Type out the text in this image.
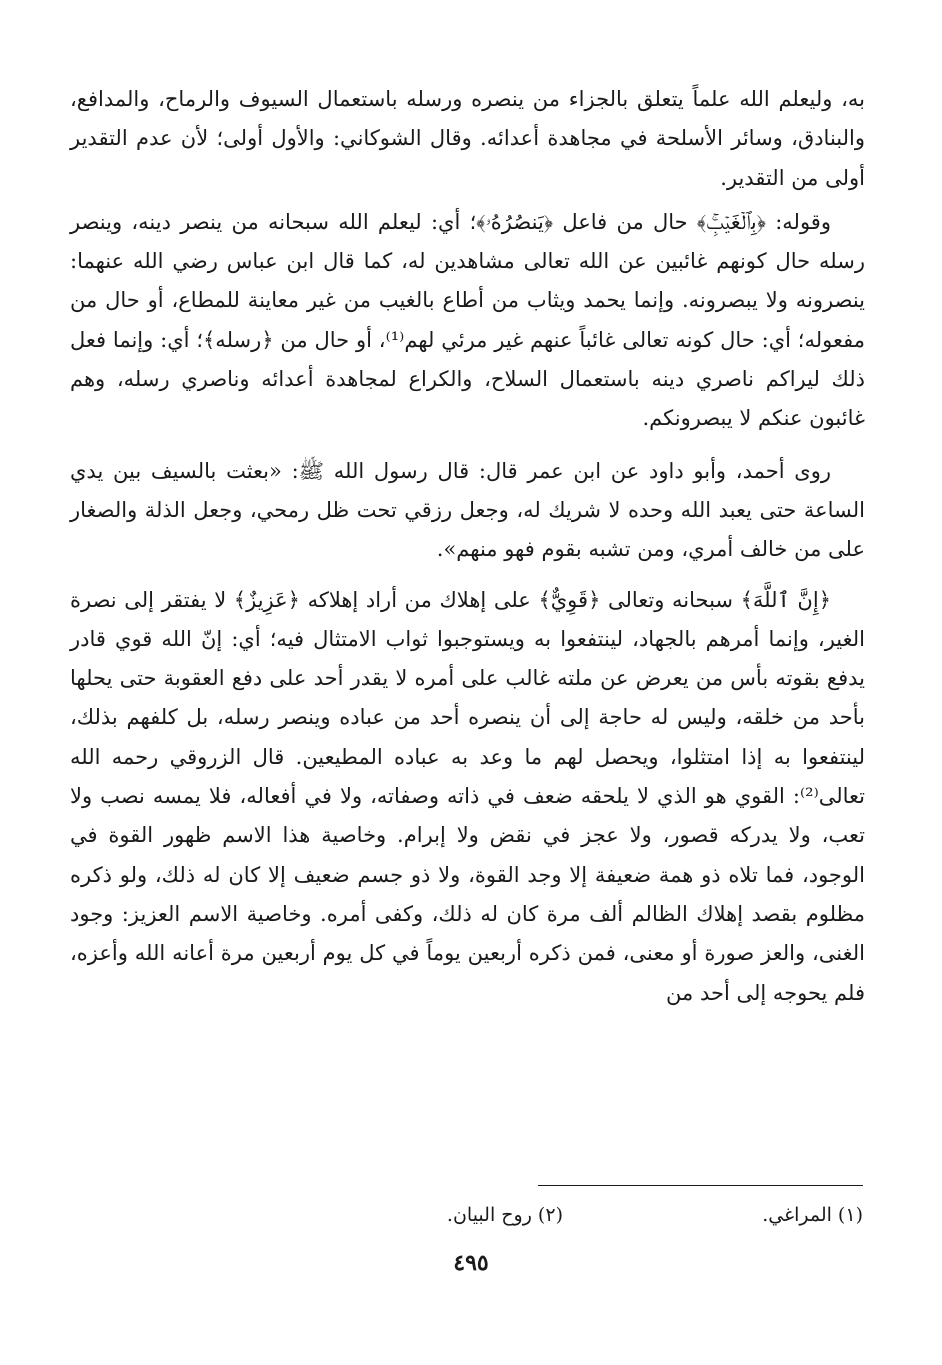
به، وليعلم الله علماً يتعلق بالجزاء من ينصره ورسله باستعمال السيوف والرماح، والمدافع، والبنادق، وسائر الأسلحة في مجاهدة أعدائه. وقال الشوكاني: والأول أولى؛ لأن عدم التقدير أولى من التقدير.

وقوله: ﴿بِٱلۡغَيۡبِۚ﴾ حال من فاعل ﴿يَنصُرُهُۥ﴾؛ أي: ليعلم الله سبحانه من ينصر دينه، وينصر رسله حال كونهم غائبين عن الله تعالى مشاهدين له، كما قال ابن عباس رضي الله عنهما: ينصرونه ولا يبصرونه. وإنما يحمد ويثاب من أطاع بالغيب من غير معاينة للمطاع، أو حال من مفعوله؛ أي: حال كونه تعالى غائباً عنهم غير مرئي لهم⁽¹⁾، أو حال من ﴿رسله﴾؛ أي: وإنما فعل ذلك ليراكم ناصري دينه باستعمال السلاح، والكراع لمجاهدة أعدائه وناصري رسله، وهم غائبون عنكم لا يبصرونكم.

روى أحمد، وأبو داود عن ابن عمر قال: قال رسول الله ﷺ: «بعثت بالسيف بين يدي الساعة حتى يعبد الله وحده لا شريك له، وجعل رزقي تحت ظل رمحي، وجعل الذلة والصغار على من خالف أمري، ومن تشبه بقوم فهو منهم».

﴿إِنَّ ٱللَّهَ﴾ سبحانه وتعالى ﴿قَوِيٌّ﴾ على إهلاك من أراد إهلاكه ﴿عَزِيزٌ﴾ لا يفتقر إلى نصرة الغير، وإنما أمرهم بالجهاد، لينتفعوا به ويستوجبوا ثواب الامتثال فيه؛ أي: إنّ الله قوي قادر يدفع بقوته بأس من يعرض عن ملته غالب على أمره لا يقدر أحد على دفع العقوبة حتى يحلها بأحد من خلقه، وليس له حاجة إلى أن ينصره أحد من عباده وينصر رسله، بل كلفهم بذلك، لينتفعوا به إذا امتثلوا، ويحصل لهم ما وعد به عباده المطيعين. قال الزروقي رحمه الله تعالى⁽²⁾: القوي هو الذي لا يلحقه ضعف في ذاته وصفاته، ولا في أفعاله، فلا يمسه نصب ولا تعب، ولا يدركه قصور، ولا عجز في نقض ولا إبرام. وخاصية هذا الاسم ظهور القوة في الوجود، فما تلاه ذو همة ضعيفة إلا وجد القوة، ولا ذو جسم ضعيف إلا كان له ذلك، ولو ذكره مظلوم بقصد إهلاك الظالم ألف مرة كان له ذلك، وكفى أمره. وخاصية الاسم العزيز: وجود الغنى، والعز صورة أو معنى، فمن ذكره أربعين يوماً في كل يوم أربعين مرة أعانه الله وأعزه، فلم يحوجه إلى أحد من

(١) المراغي.
(٢) روح البيان.
٤٩٥
